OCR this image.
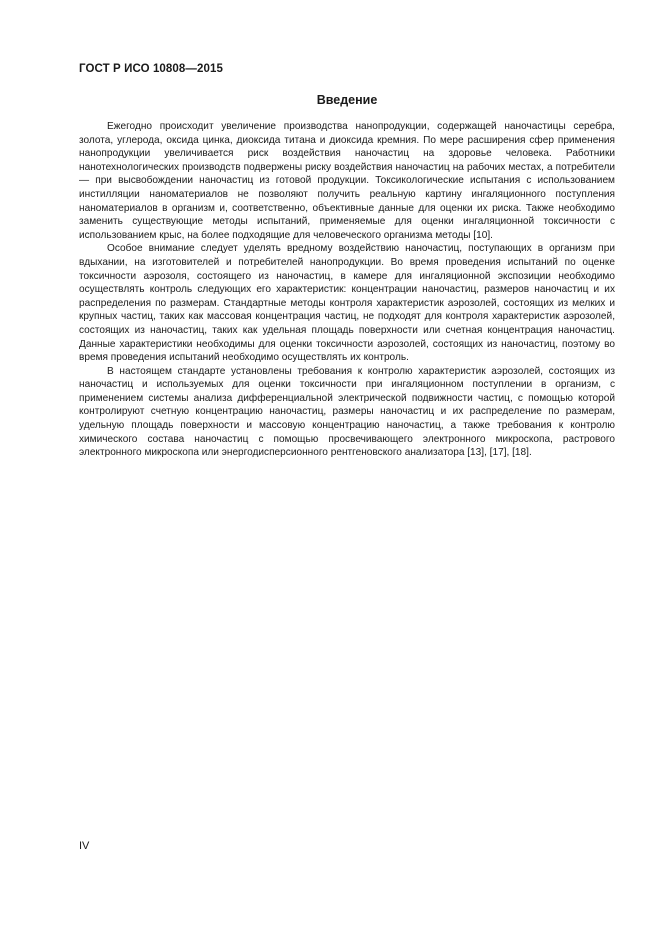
ГОСТ Р ИСО 10808—2015
Введение

Ежегодно происходит увеличение производства нанопродукции, содержащей наночастицы серебра, золота, углерода, оксида цинка, диоксида титана и диоксида кремния. По мере расширения сфер применения нанопродукции увеличивается риск воздействия наночастиц на здоровье человека. Работники нанотехнологических производств подвержены риску воздействия наночастиц на рабочих местах, а потребители — при высвобождении наночастиц из готовой продукции. Токсикологические испытания с использованием инстилляции наноматериалов не позволяют получить реальную картину ингаляционного поступления наноматериалов в организм и, соответственно, объективные данные для оценки их риска. Также необходимо заменить существующие методы испытаний, применяемые для оценки ингаляционной токсичности с использованием крыс, на более подходящие для человеческого организма методы [10].

Особое внимание следует уделять вредному воздействию наночастиц, поступающих в организм при вдыхании, на изготовителей и потребителей нанопродукции. Во время проведения испытаний по оценке токсичности аэрозоля, состоящего из наночастиц, в камере для ингаляционной экспозиции необходимо осуществлять контроль следующих его характеристик: концентрации наночастиц, размеров наночастиц и их распределения по размерам. Стандартные методы контроля характеристик аэрозолей, состоящих из мелких и крупных частиц, таких как массовая концентрация частиц, не подходят для контроля характеристик аэрозолей, состоящих из наночастиц, таких как удельная площадь поверхности или счетная концентрация наночастиц. Данные характеристики необходимы для оценки токсичности аэрозолей, состоящих из наночастиц, поэтому во время проведения испытаний необходимо осуществлять их контроль.

В настоящем стандарте установлены требования к контролю характеристик аэрозолей, состоящих из наночастиц и используемых для оценки токсичности при ингаляционном поступлении в организм, с применением системы анализа дифференциальной электрической подвижности частиц, с помощью которой контролируют счетную концентрацию наночастиц, размеры наночастиц и их распределение по размерам, удельную площадь поверхности и массовую концентрацию наночастиц, а также требования к контролю химического состава наночастиц с помощью просвечивающего электронного микроскопа, растрового электронного микроскопа или энергодисперсионного рентгеновского анализатора [13], [17], [18].

IV
